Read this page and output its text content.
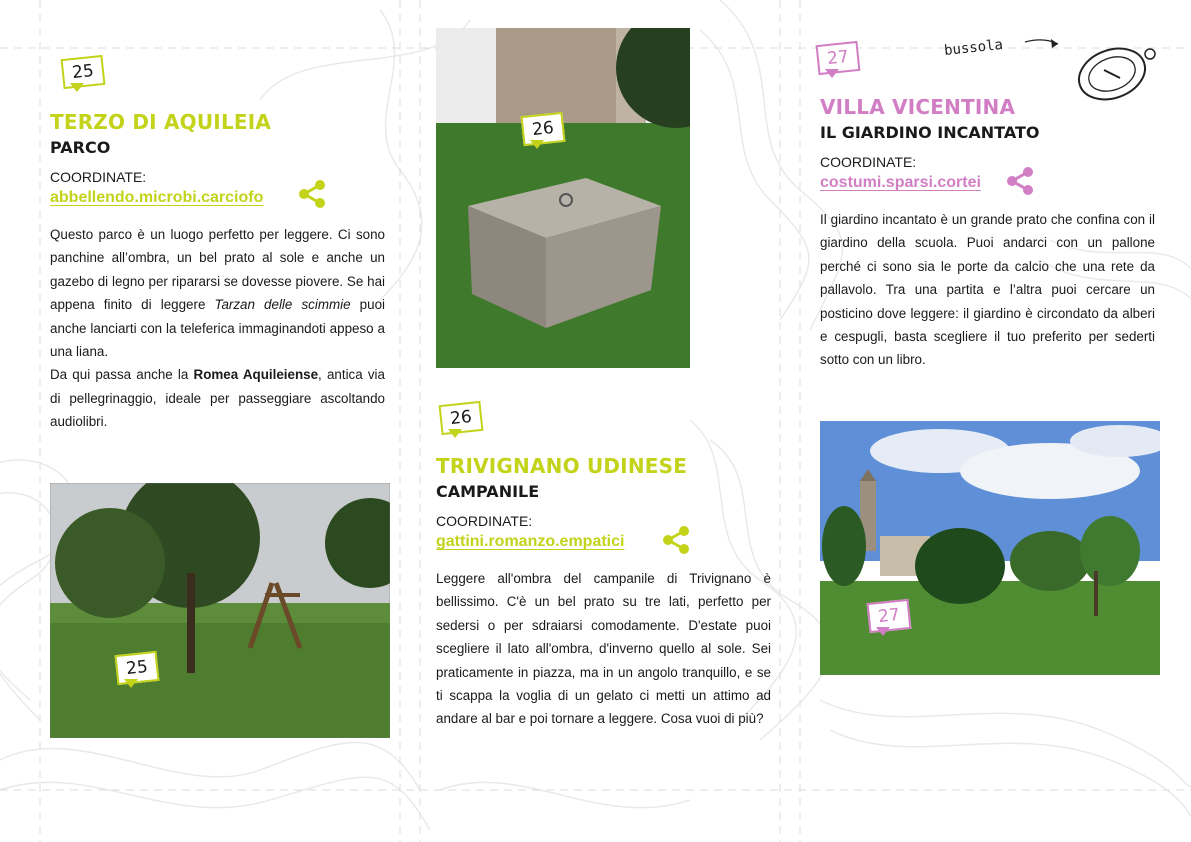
25
TERZO DI AQUILEIA
PARCO
COORDINATE:
abbellendo.microbi.carciofo
Questo parco è un luogo perfetto per leggere. Ci sono panchine all’ombra, un bel prato al sole e anche un gazebo di legno per ripararsi se dovesse piovere. Se hai appena finito di leggere Tarzan delle scimmie puoi anche lanciarti con la teleferica immaginandoti appeso a una liana.
Da qui passa anche la Romea Aquileiense, antica via di pellegrinaggio, ideale per passeggiare ascoltando audiolibri.
25
26
26
TRIVIGNANO UDINESE
CAMPANILE
COORDINATE:
gattini.romanzo.empatici
Leggere all'ombra del campanile di Trivignano è bellissimo. C'è un bel prato su tre lati, perfetto per sedersi o per sdraiarsi comodamente. D'estate puoi scegliere il lato all'ombra, d'inverno quello al sole. Sei praticamente in piazza, ma in un angolo tranquillo, e se ti scappa la voglia di un gelato ci metti un attimo ad andare al bar e poi tornare a leggere. Cosa vuoi di più?
27	bussola
VILLA VICENTINA
IL GIARDINO INCANTATO
COORDINATE:
costumi.sparsi.cortei
Il giardino incantato è un grande prato che confina con il giardino della scuola. Puoi andarci con un pallone perché ci sono sia le porte da calcio che una rete da pallavolo. Tra una partita e l’altra puoi cercare un posticino dove leggere: il giardino è circondato da alberi e cespugli, basta scegliere il tuo preferito per sederti sotto con un libro.
27
